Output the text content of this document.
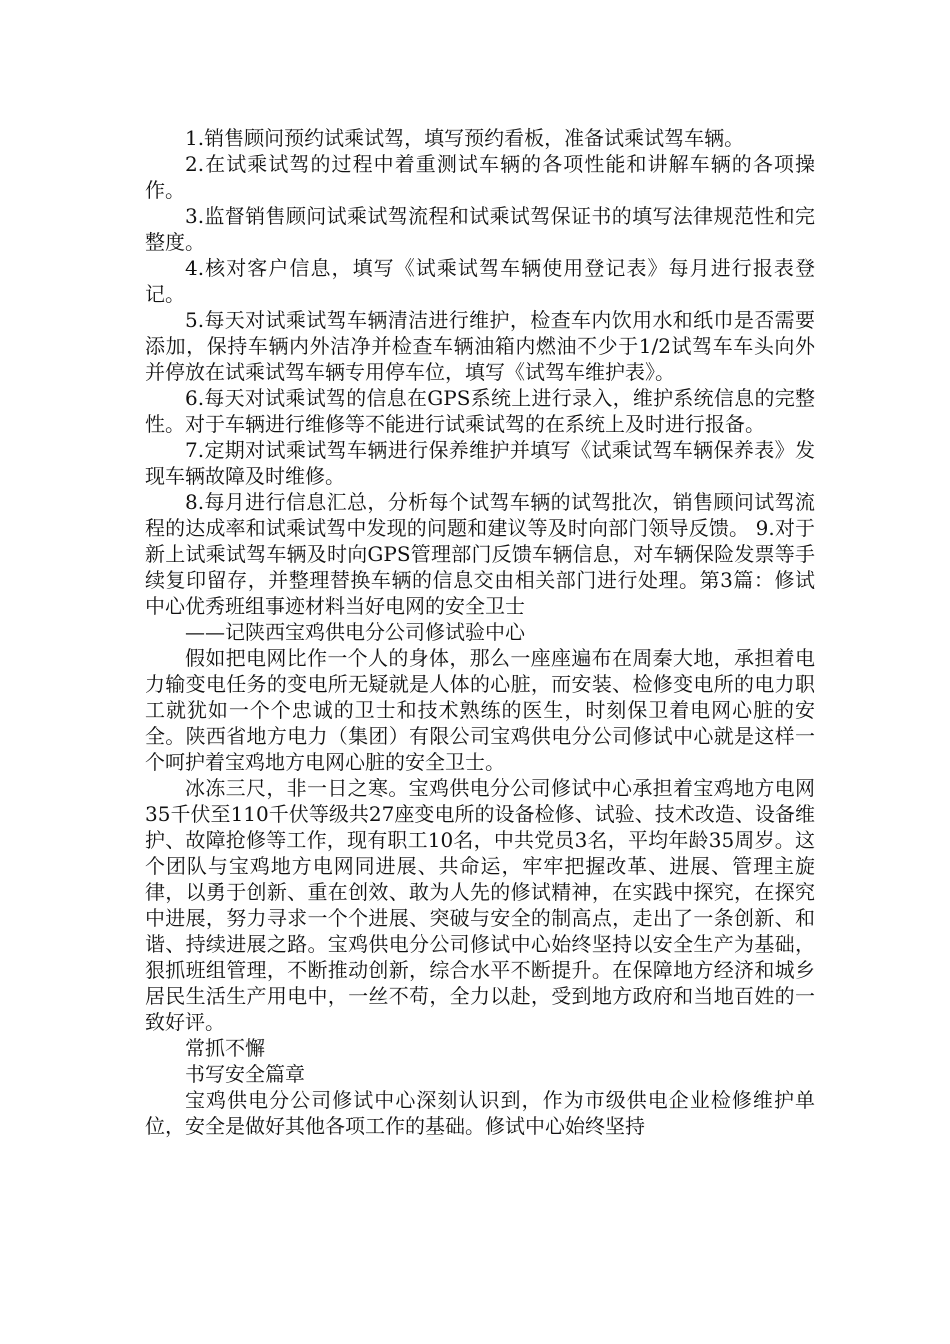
1.销售顾问预约试乘试驾，填写预约看板，准备试乘试驾车辆。

2.在试乘试驾的过程中着重测试车辆的各项性能和讲解车辆的各项操作。

3.监督销售顾问试乘试驾流程和试乘试驾保证书的填写法律规范性和完整度。

4.核对客户信息，填写《试乘试驾车辆使用登记表》每月进行报表登记。

5.每天对试乘试驾车辆清洁进行维护，检查车内饮用水和纸巾是否需要添加，保持车辆内外洁净并检查车辆油箱内燃油不少于1/2试驾车车头向外并停放在试乘试驾车辆专用停车位，填写《试驾车维护表》。

6.每天对试乘试驾的信息在GPS系统上进行录入，维护系统信息的完整性。对于车辆进行维修等不能进行试乘试驾的在系统上及时进行报备。

7.定期对试乘试驾车辆进行保养维护并填写《试乘试驾车辆保养表》发现车辆故障及时维修。

8.每月进行信息汇总，分析每个试驾车辆的试驾批次，销售顾问试驾流程的达成率和试乘试驾中发现的问题和建议等及时向部门领导反馈。 9.对于新上试乘试驾车辆及时向GPS管理部门反馈车辆信息，对车辆保险发票等手续复印留存，并整理替换车辆的信息交由相关部门进行处理。第3篇：修试中心优秀班组事迹材料当好电网的安全卫士

——记陕西宝鸡供电分公司修试验中心

假如把电网比作一个人的身体，那么一座座遍布在周秦大地，承担着电力输变电任务的变电所无疑就是人体的心脏，而安装、检修变电所的电力职工就犹如一个个忠诚的卫士和技术熟练的医生，时刻保卫着电网心脏的安全。陕西省地方电力（集团）有限公司宝鸡供电分公司修试中心就是这样一个呵护着宝鸡地方电网心脏的安全卫士。

冰冻三尺，非一日之寒。宝鸡供电分公司修试中心承担着宝鸡地方电网35千伏至110千伏等级共27座变电所的设备检修、试验、技术改造、设备维护、故障抢修等工作，现有职工10名，中共党员3名，平均年龄35周岁。这个团队与宝鸡地方电网同进展、共命运，牢牢把握改革、进展、管理主旋律，以勇于创新、重在创效、敢为人先的修试精神，在实践中探究，在探究中进展，努力寻求一个个进展、突破与安全的制高点，走出了一条创新、和谐、持续进展之路。宝鸡供电分公司修试中心始终坚持以安全生产为基础，狠抓班组管理，不断推动创新，综合水平不断提升。在保障地方经济和城乡居民生活生产用电中，一丝不苟，全力以赴，受到地方政府和当地百姓的一致好评。

常抓不懈

书写安全篇章

宝鸡供电分公司修试中心深刻认识到，作为市级供电企业检修维护单位，安全是做好其他各项工作的基础。修试中心始终坚持
